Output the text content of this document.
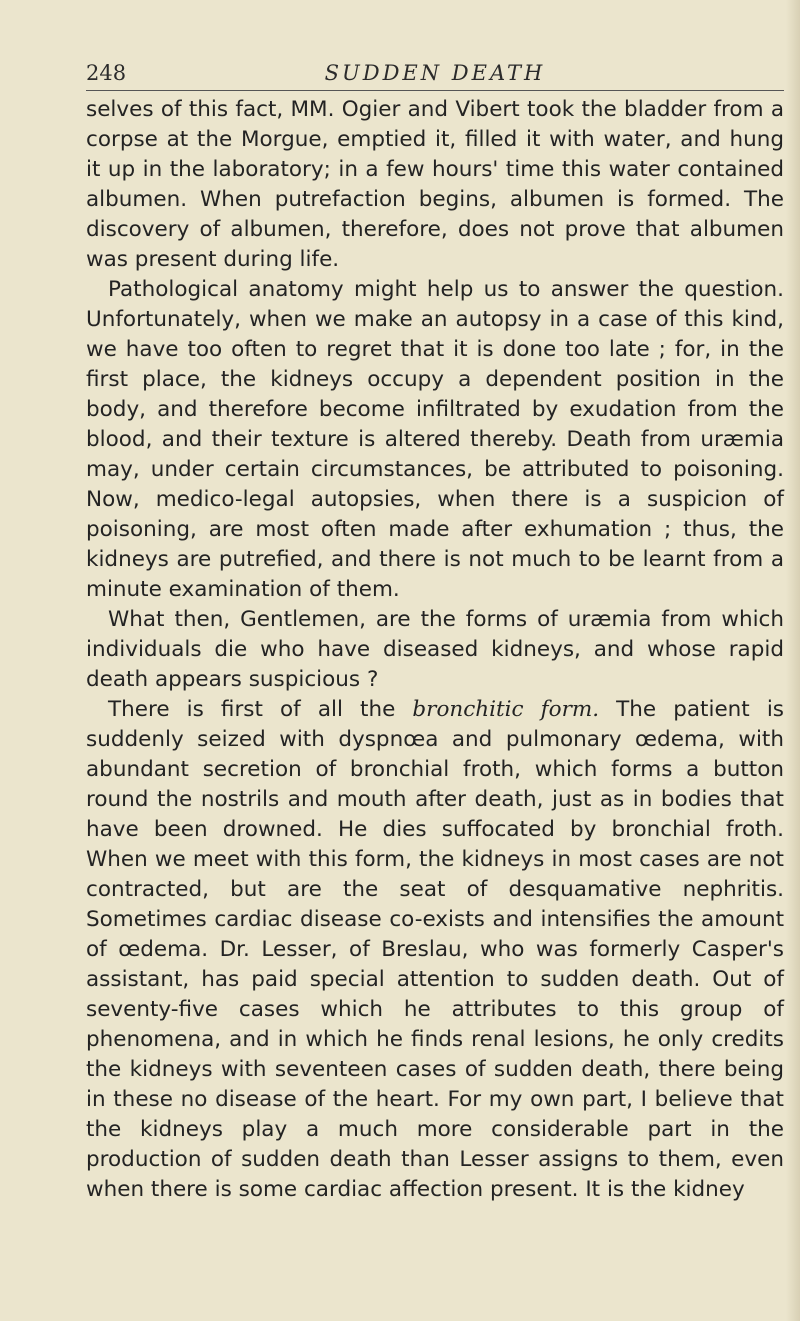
248	SUDDEN DEATH

selves of this fact, MM. Ogier and Vibert took the bladder from a corpse at the Morgue, emptied it, filled it with water, and hung it up in the laboratory; in a few hours' time this water contained albumen. When putrefaction begins, albumen is formed. The discovery of albumen, therefore, does not prove that albumen was present during life.

Pathological anatomy might help us to answer the question. Unfortunately, when we make an autopsy in a case of this kind, we have too often to regret that it is done too late ; for, in the first place, the kidneys occupy a dependent position in the body, and therefore become infiltrated by exudation from the blood, and their texture is altered thereby. Death from uræmia may, under certain circumstances, be attributed to poisoning. Now, medico-legal autopsies, when there is a suspicion of poisoning, are most often made after exhumation ; thus, the kidneys are putrefied, and there is not much to be learnt from a minute examination of them.

What then, Gentlemen, are the forms of uræmia from which individuals die who have diseased kidneys, and whose rapid death appears suspicious ?

There is first of all the bronchitic form. The patient is suddenly seized with dyspnœa and pulmonary œdema, with abundant secretion of bronchial froth, which forms a button round the nostrils and mouth after death, just as in bodies that have been drowned. He dies suffocated by bronchial froth. When we meet with this form, the kidneys in most cases are not contracted, but are the seat of desquamative nephritis. Sometimes cardiac disease co-exists and intensifies the amount of œdema. Dr. Lesser, of Breslau, who was formerly Casper's assistant, has paid special attention to sudden death. Out of seventy-five cases which he attributes to this group of phenomena, and in which he finds renal lesions, he only credits the kidneys with seventeen cases of sudden death, there being in these no disease of the heart. For my own part, I believe that the kidneys play a much more considerable part in the production of sudden death than Lesser assigns to them, even when there is some cardiac affection present. It is the kidney
